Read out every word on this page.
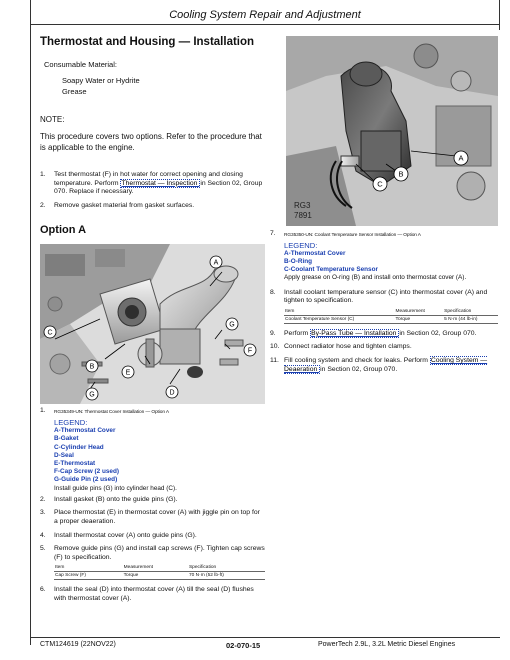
Cooling System Repair and Adjustment
Thermostat and Housing — Installation
Consumable Material:
Soapy Water or Hydrite
Grease
NOTE:
This procedure covers two options. Refer to the procedure that is applicable to the engine.
1.	Test thermostat (F) in hot water for correct opening and closing temperature. Perform Thermostat — Inspection in Section 02, Group 070. Replace if necessary.
2.	Remove gasket material from gasket surfaces.
Option A
A
B
C
D
E
F
G
G
1.	RG35349-UN: Thermostat Cover Installation — Option A
LEGEND:
A-Thermostat Cover
B-Gaket
C-Cylinder Head
D-Seal
E-Thermostat
F-Cap Screw (2 used)
G-Guide Pin (2 used)
Install guide pins (G) into cylinder head (C).
2.	Install gasket (B) onto the guide pins (G).
3.	Place thermostat (E) in thermostat cover (A) with jiggle pin on top for a proper deaeration.
4.	Install thermostat cover (A) onto guide pins (G).
5.	Remove guide pins (G) and install cap screws (F). Tighten cap screws (F) to specification.
Item	Measurement	Specification
Cap Screw (F)	Torque	70 N·m (52 lb-ft)
6.	Install the seal (D) into thermostat cover (A) till the seal (D) flushes with thermostat cover (A).
RG3
7891
A
B
C
7.	RG35350-UN: Coolant Temperature Sensor Installation — Option A
LEGEND:
A-Thermostat Cover
B-O-Ring
C-Coolant Temperature Sensor
Apply grease on O-ring (B) and install onto thermostat cover (A).
8.	Install coolant temperature sensor (C) into thermostat cover (A) and tighten to specification.
Item	Measurement	Specification
Coolant Temperature Sensor (C)	Torque	5 N·m (44 lb-in)
9.	Perform By-Pass Tube — Installation in Section 02, Group 070.
10. Connect radiator hose and tighten clamps.
11. Fill cooling system and check for leaks. Perform Cooling System — Deaeration in Section 02, Group 070.
CTM124619 (22NOV22)	02-070-15	PowerTech 2.9L, 3.2L Metric Diesel Engines
